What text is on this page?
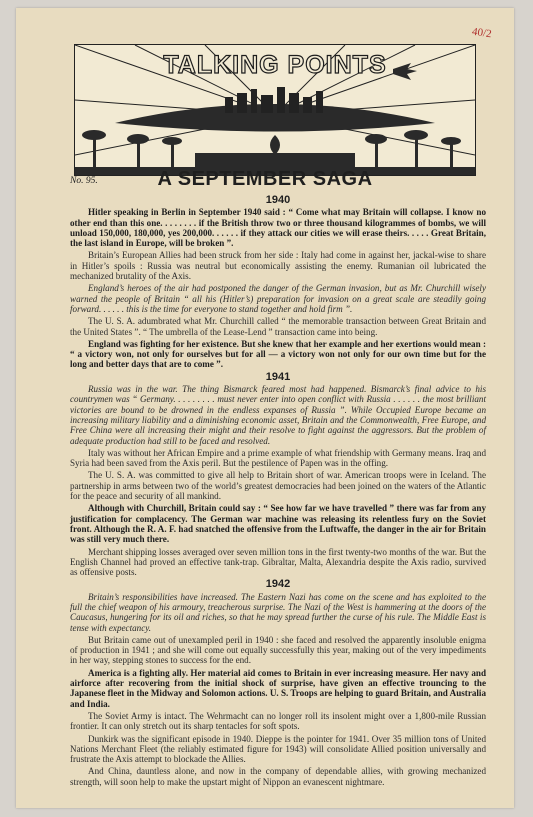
40/2
TALKING POINTS
No. 95.	A SEPTEMBER SAGA
1940

Hitler speaking in Berlin in September 1940 said : “ Come what may Britain will collapse. I know no other end than this one. . . . . . . . if the British throw two or three thousand kilogrammes of bombs, we will unload 150,000, 180,000, yes 200,000. . . . . . if they attack our cities we will erase theirs. . . . . Great Britain, the last island in Europe, will be broken ”.

Britain’s European Allies had been struck from her side : Italy had come in against her, jackal-wise to share in Hitler’s spoils : Russia was neutral but economically assisting the enemy. Rumanian oil lubricated the mechanized brutality of the Axis.

England’s heroes of the air had postponed the danger of the German invasion, but as Mr. Churchill wisely warned the people of Britain “ all his (Hitler’s) preparation for invasion on a great scale are steadily going forward. . . . . . this is the time for everyone to stand together and hold firm ”.

The U. S. A. adumbrated what Mr. Churchill called “ the memorable transaction between Great Britain and the United States ”. “ The umbrella of the Lease-Lend ” transaction came into being.

England was fighting for her existence. But she knew that her example and her exertions would mean : “ a victory won, not only for ourselves but for all — a victory won not only for our own time but for the long and better days that are to come ”.

1941

Russia was in the war. The thing Bismarck feared most had happened. Bismarck’s final advice to his countrymen was “ Germany. . . . . . . . . must never enter into open conflict with Russia . . . . . . the most brilliant victories are bound to be drowned in the endless expanses of Russia ”. While Occupied Europe became an increasing military liability and a diminishing economic asset, Britain and the Commonwealth, Free Europe, and Free China were all increasing their might and their resolve to fight against the aggressors. But the problem of adequate production had still to be faced and resolved.

Italy was without her African Empire and a prime example of what friendship with Germany means. Iraq and Syria had been saved from the Axis peril. But the pestilence of Papen was in the offing.

The U. S. A. was committed to give all help to Britain short of war. American troops were in Iceland. The partnership in arms between two of the world’s greatest democracies had been joined on the waters of the Atlantic for the peace and security of all mankind.

Although with Churchill, Britain could say : “ See how far we have travelled ” there was far from any justification for complacency. The German war machine was releasing its relentless fury on the Soviet front. Although the R. A. F. had snatched the offensive from the Luftwaffe, the danger in the air for Britain was still very much there.

Merchant shipping losses averaged over seven million tons in the first twenty-two months of the war. But the English Channel had proved an effective tank-trap. Gibraltar, Malta, Alexandria despite the Axis radio, survived as offensive posts.

1942

Britain’s responsibilities have increased. The Eastern Nazi has come on the scene and has exploited to the full the chief weapon of his armoury, treacherous surprise. The Nazi of the West is hammering at the doors of the Caucasus, hungering for its oil and riches, so that he may spread further the curse of his rule. The Middle East is tense with expectancy.

But Britain came out of unexampled peril in 1940 : she faced and resolved the apparently insoluble enigma of production in 1941 ; and she will come out equally successfully this year, making out of the very impediments in her way, stepping stones to success for the end.

America is a fighting ally. Her material aid comes to Britain in ever increasing measure. Her navy and airforce after recovering from the initial shock of surprise, have given an effective trouncing to the Japanese fleet in the Midway and Solomon actions. U. S. Troops are helping to guard Britain, and Australia and India.

The Soviet Army is intact. The Wehrmacht can no longer roll its insolent might over a 1,800-mile Russian frontier. It can only stretch out its sharp tentacles for soft spots.

Dunkirk was the significant episode in 1940. Dieppe is the pointer for 1941. Over 35 million tons of United Nations Merchant Fleet (the reliably estimated figure for 1943) will consolidate Allied position universally and frustrate the Axis attempt to blockade the Allies.

And China, dauntless alone, and now in the company of dependable allies, with growing mechanized strength, will soon help to make the upstart might of Nippon an evanescent nightmare.
